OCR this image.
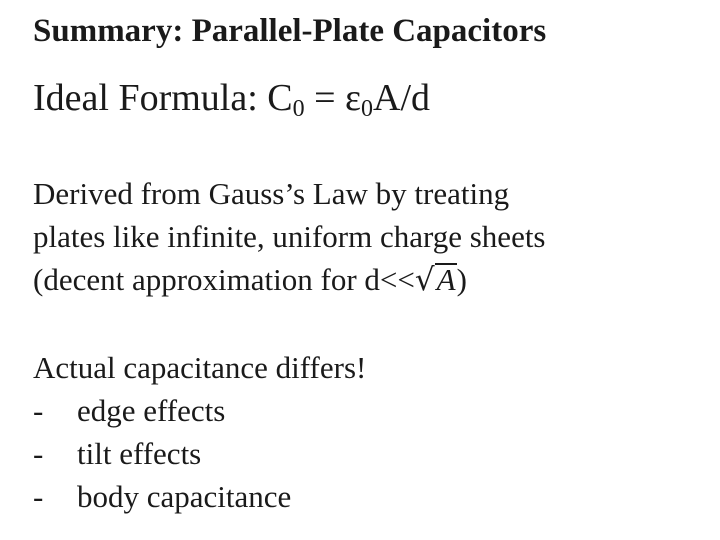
Summary: Parallel-Plate Capacitors
Ideal Formula: $C_0 = \varepsilon_0A/d$
Derived from Gauss’s Law by treating
plates like infinite, uniform charge sheets
(decent approximation for d<<√A)
Actual capacitance differs!
- edge effects
- tilt effects
- body capacitance
